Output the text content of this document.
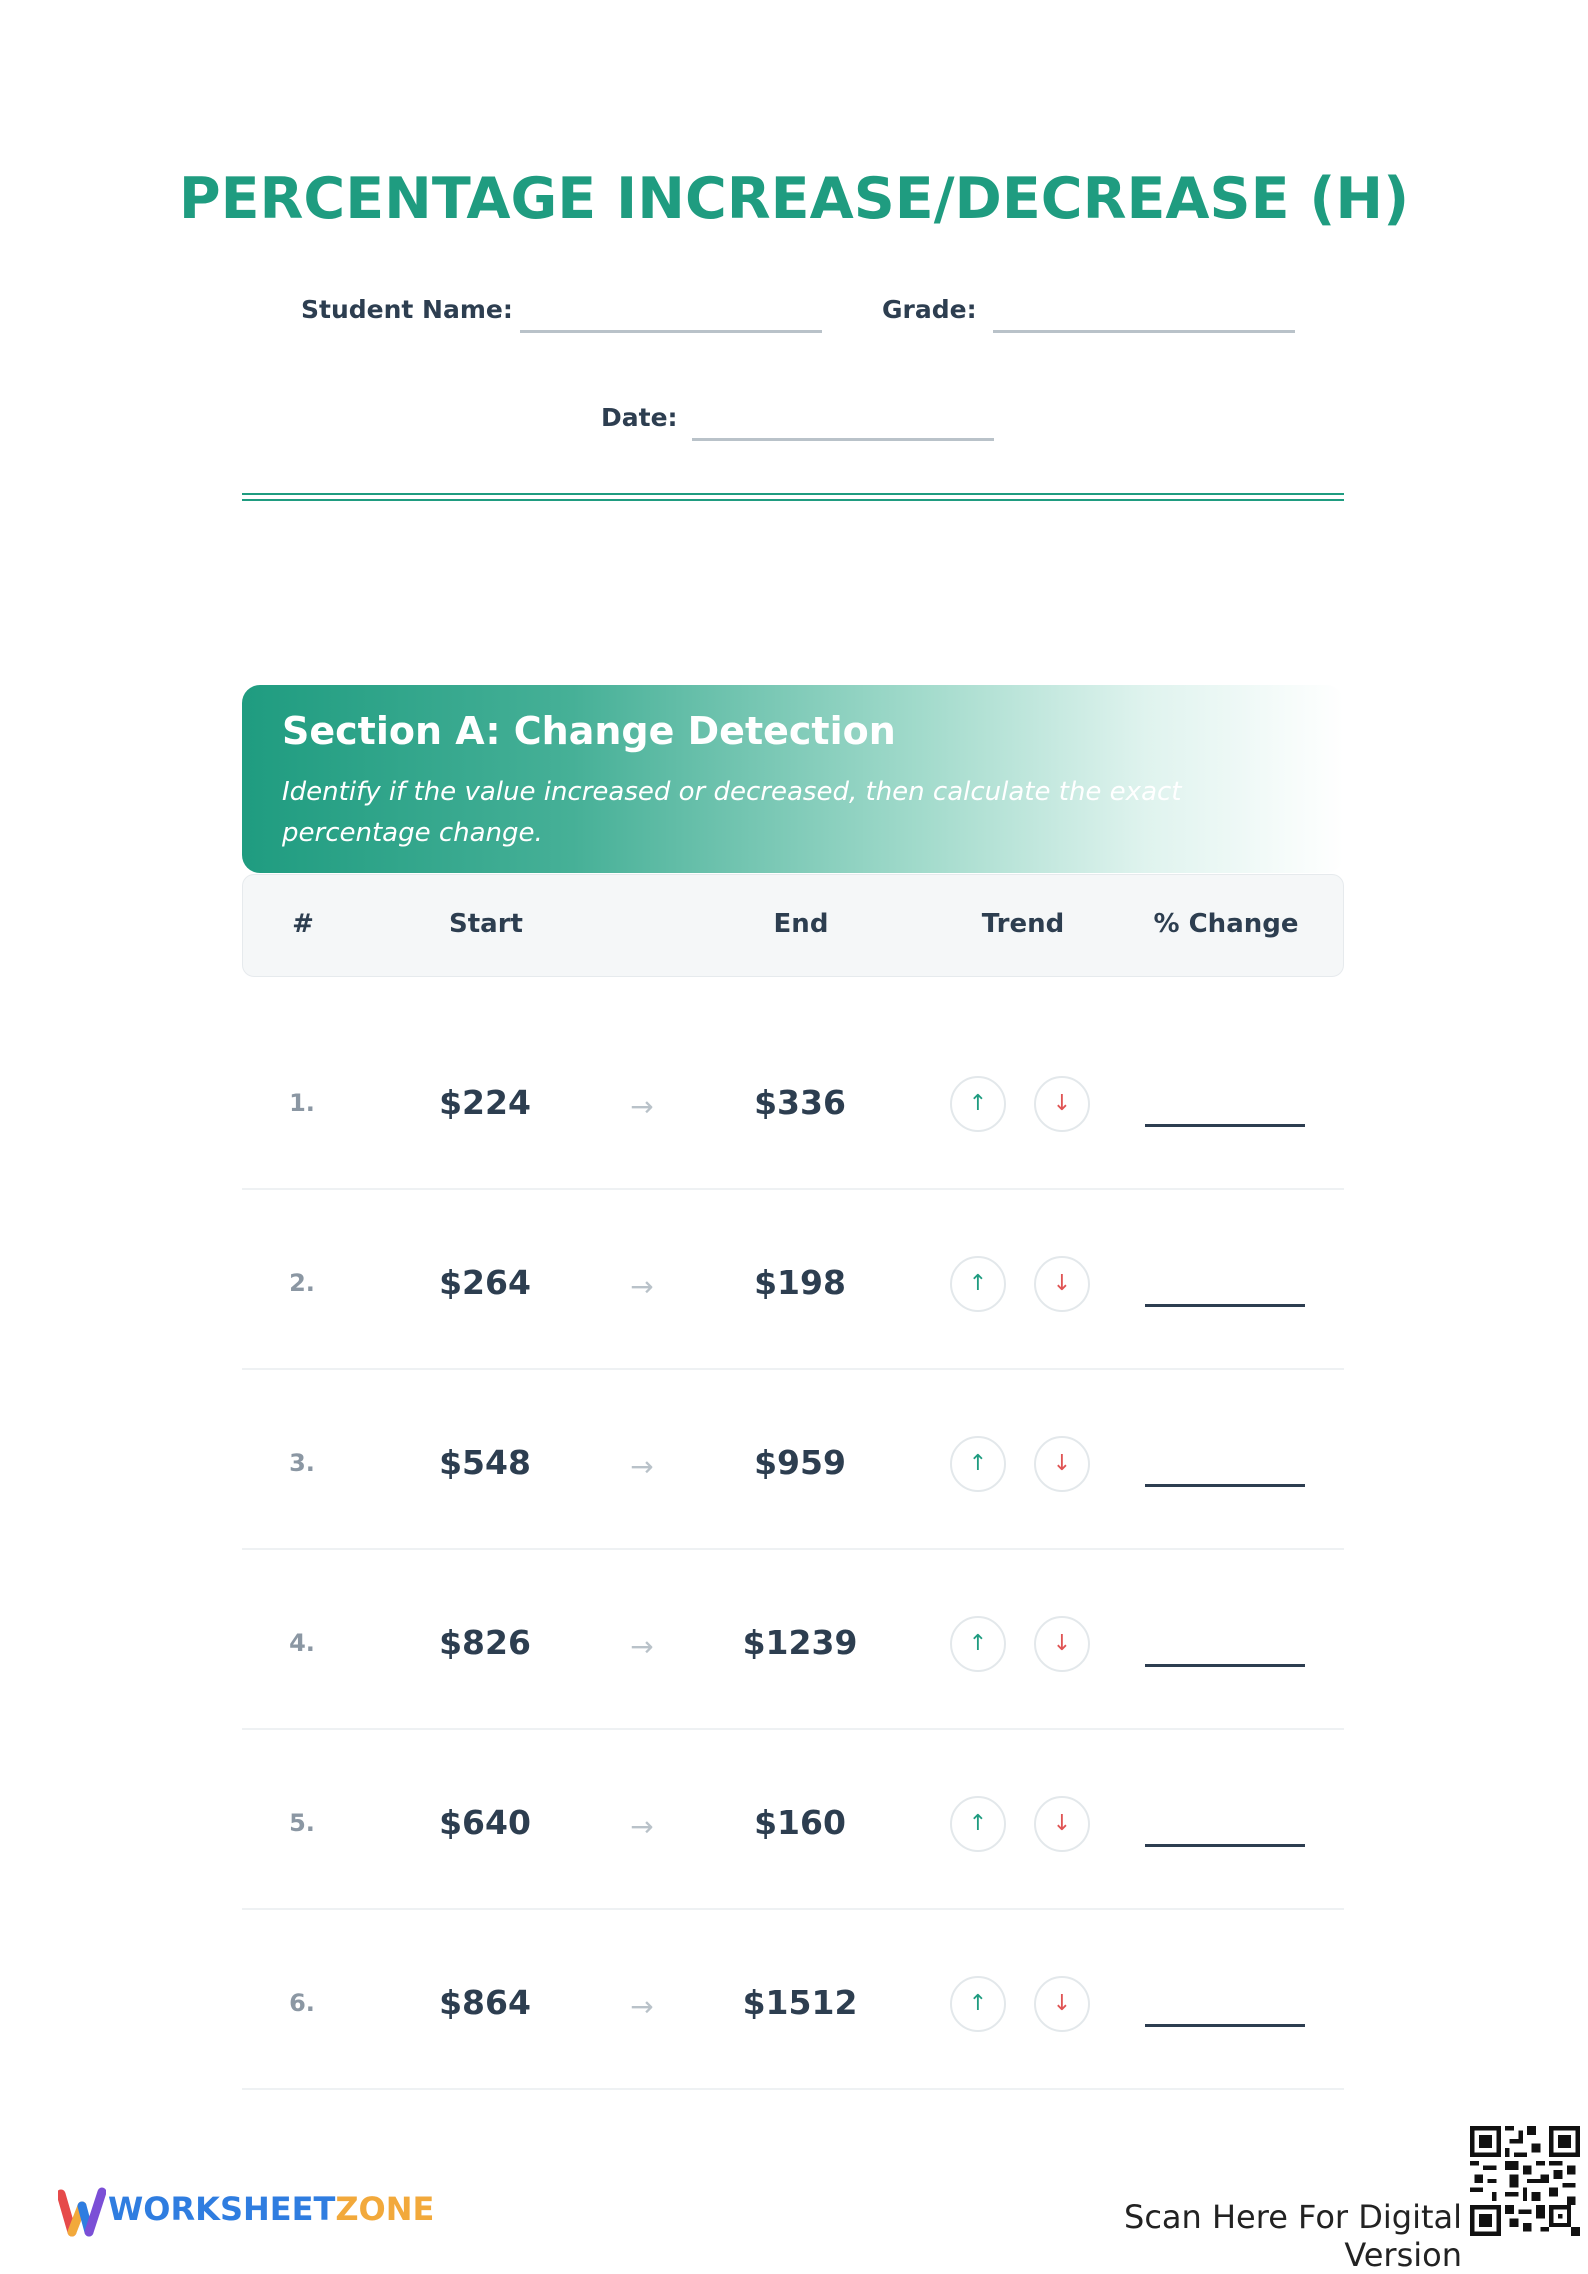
PERCENTAGE INCREASE/DECREASE (H)
Student Name:	Grade:
Date:
Section A: Change Detection
Identify if the value increased or decreased, then calculate the exact percentage change.
#	Start	End	Trend	% Change
1.	$224	→	$336	↑	↓
2.	$264	→	$198	↑	↓
3.	$548	→	$959	↑	↓
4.	$826	→	$1239	↑	↓
5.	$640	→	$160	↑	↓
6.	$864	→	$1512	↑	↓
WORKSHEETZONE	Scan Here For Digital Version
